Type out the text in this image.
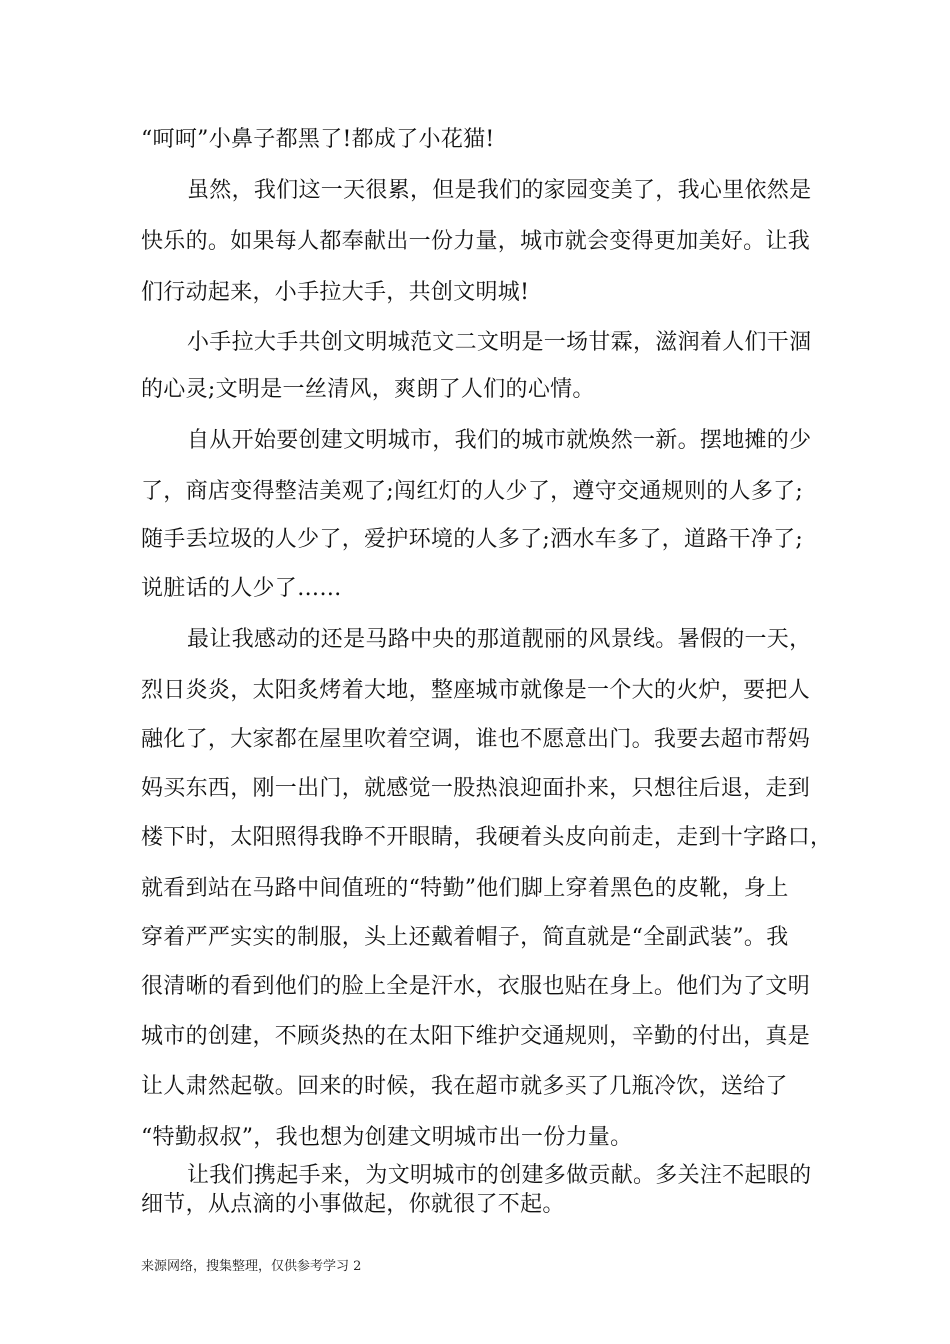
“呵呵”小鼻子都黑了!都成了小花猫!
虽然，我们这一天很累，但是我们的家园变美了，我心里依然是
快乐的。如果每人都奉献出一份力量，城市就会变得更加美好。让我
们行动起来，小手拉大手，共创文明城!
小手拉大手共创文明城范文二文明是一场甘霖，滋润着人们干涸
的心灵;文明是一丝清风，爽朗了人们的心情。
自从开始要创建文明城市，我们的城市就焕然一新。摆地摊的少
了，商店变得整洁美观了;闯红灯的人少了，遵守交通规则的人多了;
随手丢垃圾的人少了，爱护环境的人多了;洒水车多了，道路干净了;
说脏话的人少了……
最让我感动的还是马路中央的那道靓丽的风景线。暑假的一天，
烈日炎炎，太阳炙烤着大地，整座城市就像是一个大的火炉，要把人
融化了，大家都在屋里吹着空调，谁也不愿意出门。我要去超市帮妈
妈买东西，刚一出门，就感觉一股热浪迎面扑来，只想往后退，走到
楼下时，太阳照得我睁不开眼睛，我硬着头皮向前走，走到十字路口，
就看到站在马路中间值班的“特勤”他们脚上穿着黑色的皮靴，身上
穿着严严实实的制服，头上还戴着帽子，简直就是“全副武装”。我
很清晰的看到他们的脸上全是汗水，衣服也贴在身上。他们为了文明
城市的创建，不顾炎热的在太阳下维护交通规则，辛勤的付出，真是
让人肃然起敬。回来的时候，我在超市就多买了几瓶冷饮，送给了
“特勤叔叔”，我也想为创建文明城市出一份力量。
让我们携起手来，为文明城市的创建多做贡献。多关注不起眼的
细节，从点滴的小事做起，你就很了不起。
来源网络，搜集整理，仅供参考学习 2
